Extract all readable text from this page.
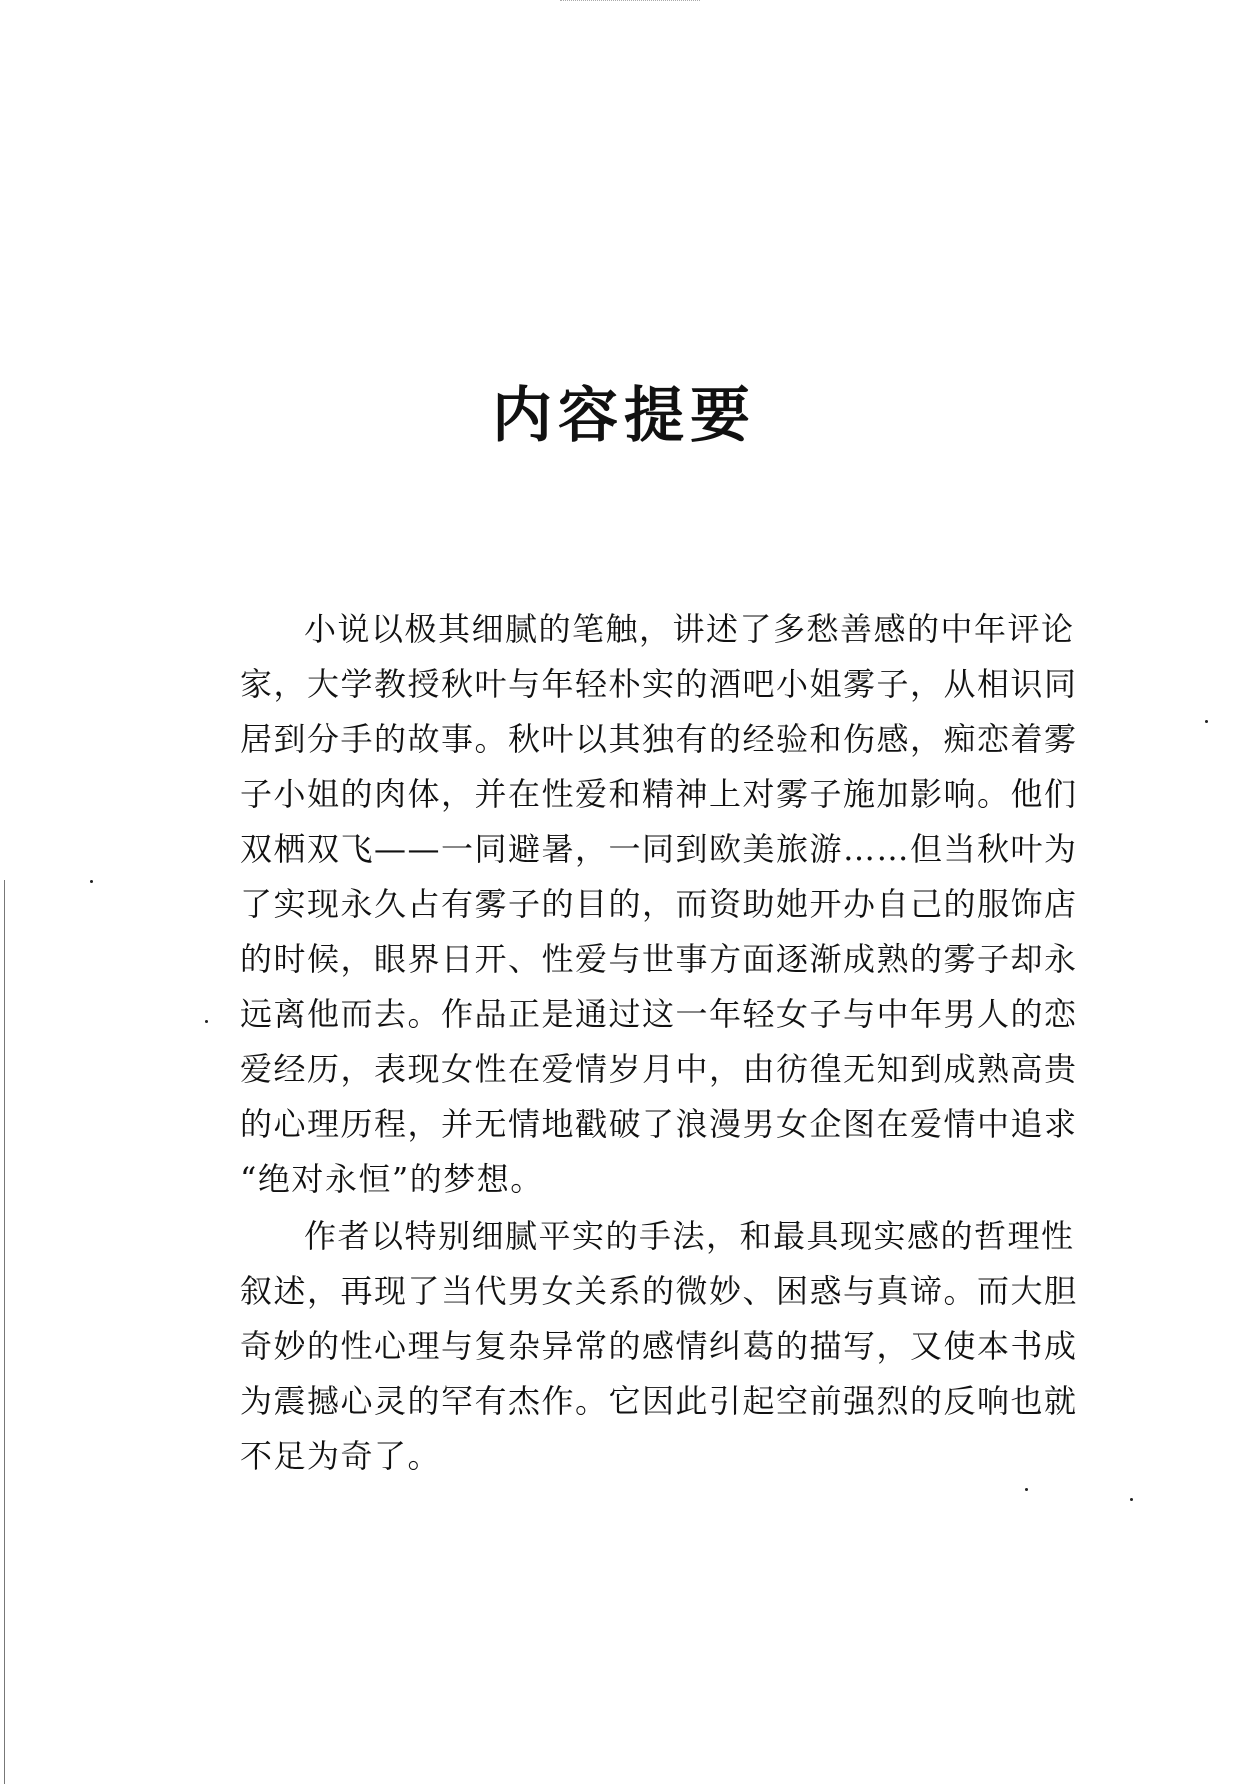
内容提要
小说以极其细腻的笔触，讲述了多愁善感的中年评论
家，大学教授秋叶与年轻朴实的酒吧小姐雾子，从相识同
居到分手的故事。秋叶以其独有的经验和伤感，痴恋着雾
子小姐的肉体，并在性爱和精神上对雾子施加影响。他们
双栖双飞——一同避暑，一同到欧美旅游……但当秋叶为
了实现永久占有雾子的目的，而资助她开办自己的服饰店
的时候，眼界日开、性爱与世事方面逐渐成熟的雾子却永
远离他而去。作品正是通过这一年轻女子与中年男人的恋
爱经历，表现女性在爱情岁月中，由彷徨无知到成熟高贵
的心理历程，并无情地戳破了浪漫男女企图在爱情中追求
“绝对永恒”的梦想。
作者以特别细腻平实的手法，和最具现实感的哲理性
叙述，再现了当代男女关系的微妙、困惑与真谛。而大胆
奇妙的性心理与复杂异常的感情纠葛的描写，又使本书成
为震撼心灵的罕有杰作。它因此引起空前强烈的反响也就
不足为奇了。
